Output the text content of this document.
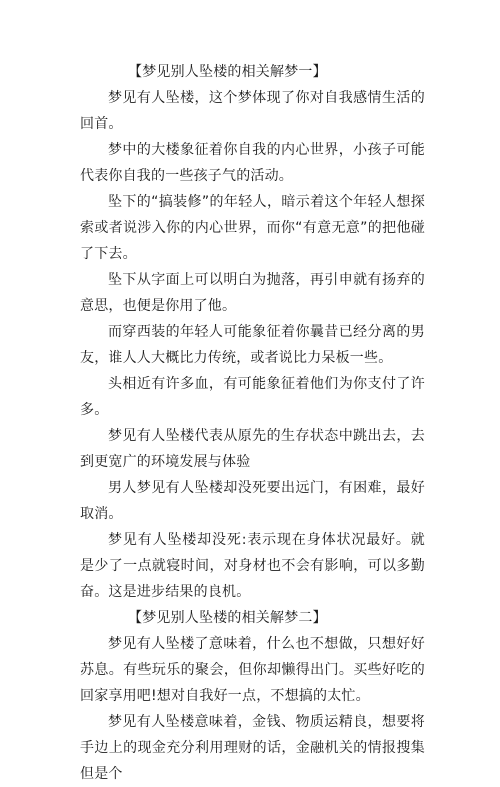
【梦见别人坠楼的相关解梦一】

梦见有人坠楼，这个梦体现了你对自我感情生活的回首。

梦中的大楼象征着你自我的内心世界，小孩子可能代表你自我的一些孩子气的活动。

坠下的“搞装修”的年轻人，暗示着这个年轻人想探索或者说涉入你的内心世界，而你“有意无意”的把他碰了下去。

坠下从字面上可以明白为抛落，再引申就有扬弃的意思，也便是你用了他。

而穿西装的年轻人可能象征着你曩昔已经分离的男友，谁人人大概比力传统，或者说比力呆板一些。

头相近有许多血，有可能象征着他们为你支付了许多。

梦见有人坠楼代表从原先的生存状态中跳出去，去到更宽广的环境发展与体验

男人梦见有人坠楼却没死要出远门，有困难，最好取消。

梦见有人坠楼却没死:表示现在身体状况最好。就是少了一点就寝时间，对身材也不会有影响，可以多勤奋。这是进步结果的良机。

【梦见别人坠楼的相关解梦二】

梦见有人坠楼了意味着，什么也不想做，只想好好苏息。有些玩乐的聚会，但你却懒得出门。买些好吃的回家享用吧!想对自我好一点，不想搞的太忙。

梦见有人坠楼意味着，金钱、物质运精良，想要将手边上的现金充分利用理财的话，金融机关的情报搜集但是个
